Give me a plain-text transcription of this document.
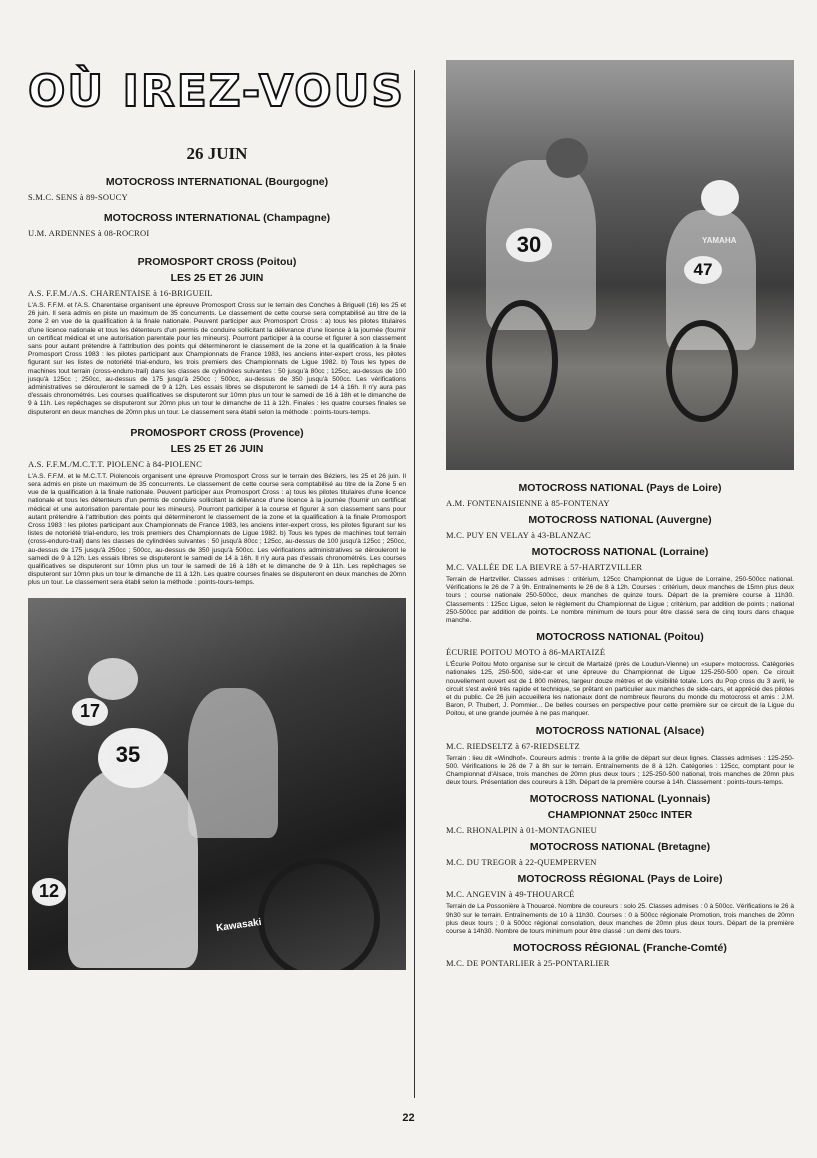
OÙ IREZ-VOUS
26 JUIN
MOTOCROSS INTERNATIONAL (Bourgogne)
S.M.C. SENS à 89-SOUCY
MOTOCROSS INTERNATIONAL (Champagne)
U.M. ARDENNES à 08-ROCROI
PROMOSPORT CROSS (Poitou)
LES 25 ET 26 JUIN
A.S. F.F.M./A.S. CHARENTAISE à 16-BRIGUEIL

L'A.S. F.F.M. et l'A.S. Charentaise organisent une épreuve Promosport Cross sur le terrain des Conches à Briguell (16) les 25 et 26 juin. Il sera admis en piste un maximum de 35 concurrents. Le classement de cette course sera comptabilisé au titre de la zone 2 en vue de la qualification à la finale nationale. Peuvent participer aux Promosport Cross : a) tous les pilotes titulaires d'une licence nationale et tous les détenteurs d'un permis de conduire sollicitant la délivrance d'une licence à la journée (fournir un certificat médical et une autorisation parentale pour les mineurs). Pourront participer à la course et figurer à son classement sans pour autant prétendre à l'attribution des points qui détermineront le classement de la zone et la qualification à la finale Promosport Cross 1983 : les pilotes participant aux Championnats de France 1983, les anciens inter-expert cross, les pilotes figurant sur les listes de notoriété trial-enduro, les trois premiers des Championnats de Ligue 1982. b) Tous les types de machines tout terrain (cross-enduro-trail) dans les classes de cylindrées suivantes : 50 jusqu'à 80cc ; 125cc, au-dessus de 100 jusqu'à 125cc ; 250cc, au-dessus de 175 jusqu'à 250cc ; 500cc, au-dessus de 350 jusqu'à 500cc. Les vérifications administratives se dérouleront le samedi de 9 à 12h. Les essais libres se disputeront le samedi de 14 à 16h. Il n'y aura pas d'essais chronométrés. Les courses qualificatives se disputeront sur 10mn plus un tour le samedi de 16 à 18h et le dimanche de 9 à 11h. Les repêchages se disputeront sur 20mn plus un tour le dimanche de 11 à 12h. Finales : les quatre courses finales se disputeront en deux manches de 20mn plus un tour. Le classement sera établi selon la méthode : points-tours-temps.

PROMOSPORT CROSS (Provence)
LES 25 ET 26 JUIN
A.S. F.F.M./M.C.T.T. PIOLENC à 84-PIOLENC

L'A.S. F.F.M. et le M.C.T.T. Piolencois organisent une épreuve Promosport Cross sur le terrain des Béziers, les 25 et 26 juin. Il sera admis en piste un maximum de 35 concurrents. Le classement de cette course sera comptabilisé au titre de la Zone 5 en vue de la qualification à la finale nationale. Peuvent participer aux Promosport Cross : a) tous les pilotes titulaires d'une licence nationale et tous les détenteurs d'un permis de conduire sollicitant la délivrance d'une licence à la journée (fournir un certificat médical et une autorisation parentale pour les mineurs). Pourront participer à la course et figurer à son classement sans pour autant prétendre à l'attribution des points qui détermineront le classement de la zone et la qualification à la finale Promosport Cross 1983 : les pilotes participant aux Championnats de France 1983, les anciens inter-expert cross, les pilotes figurant sur les listes de notoriété trial-enduro, les trois premiers des Championnats de Ligue 1982. b) Tous les types de machines tout terrain (cross-enduro-trail) dans les classes de cylindrées suivantes : 50 jusqu'à 80cc ; 125cc, au-dessus de 100 jusqu'à 125cc ; 250cc, au-dessus de 175 jusqu'à 250cc ; 500cc, au-dessus de 350 jusqu'à 500cc. Les vérifications administratives se dérouleront le samedi de 9 à 12h. Les essais libres se disputeront le samedi de 14 à 16h. Il n'y aura pas d'essais chronométrés. Les courses qualificatives se disputeront sur 10mn plus un tour le samedi de 16 à 18h et le dimanche de 9 à 11h. Les repêchages se disputeront sur 10mn plus un tour le dimanche de 11 à 12h. Les quatre courses finales se disputeront en deux manches de 20mn plus un tour. Le classement sera établi selon la méthode : points-tours-temps.

35
17
12
Kawasaki
30
47
YAMAHA
MOTOCROSS NATIONAL (Pays de Loire)
A.M. FONTENAISIENNE à 85-FONTENAY
MOTOCROSS NATIONAL (Auvergne)
M.C. PUY EN VELAY à 43-BLANZAC
MOTOCROSS NATIONAL (Lorraine)
M.C. VALLÉE DE LA BIEVRE à 57-HARTZVILLER

Terrain de Hartzviller. Classes admises : critérium, 125cc Championnat de Ligue de Lorraine, 250-500cc national. Vérifications le 26 de 7 à 9h. Entraînements le 26 de 8 à 12h. Courses : critérium, deux manches de 15mn plus deux tours ; course nationale 250-500cc, deux manches de quinze tours. Départ de la première course à 11h30. Classements : 125cc Ligue, selon le règlement du Championnat de Ligue ; critérium, par addition de points ; national 250-500cc par addition de points. Le nombre minimum de tours pour être classé sera de cinq tours dans chaque manche.

MOTOCROSS NATIONAL (Poitou)
ÉCURIE POITOU MOTO à 86-MARTAIZÉ

L'Écurie Poitou Moto organise sur le circuit de Martaizé (près de Loudun-Vienne) un «super» motocross. Catégories nationales 125, 250-500, side-car et une épreuve du Championnat de Ligue 125-250-500 open. Ce circuit nouvellement ouvert est de 1 800 mètres, largeur douze mètres et de visibilité totale. Lors du Pop cross du 3 avril, le circuit s'est avéré très rapide et technique, se prêtant en particulier aux manches de side-cars, et apprécié des pilotes et du public. Ce 26 juin accueillera les nationaux dont de nombreux fleurons du monde du motocross et amis : J.M. Baron, P. Thubert, J. Pommier... De belles courses en perspective pour cette première sur ce circuit de la Ligue du Poitou, et une grande journée à ne pas manquer.

MOTOCROSS NATIONAL (Alsace)
M.C. RIEDSELTZ à 67-RIEDSELTZ

Terrain : lieu dit «Windhof». Coureurs admis : trente à la grille de départ sur deux lignes. Classes admises : 125-250-500. Vérifications le 26 de 7 à 8h sur le terrain. Entraînements de 8 à 12h. Catégories : 125cc, comptant pour le Championnat d'Alsace, trois manches de 20mn plus deux tours ; 125-250-500 national, trois manches de 20mn plus deux tours. Présentation des coureurs à 13h. Départ de la première course à 14h. Classement : points-tours-temps.

MOTOCROSS NATIONAL (Lyonnais)
CHAMPIONNAT 250cc INTER
M.C. RHONALPIN à 01-MONTAGNIEU
MOTOCROSS NATIONAL (Bretagne)
M.C. DU TREGOR à 22-QUEMPERVEN
MOTOCROSS RÉGIONAL (Pays de Loire)
M.C. ANGEVIN à 49-THOUARCÉ

Terrain de La Possonière à Thouarcé. Nombre de coureurs : solo 25. Classes admises : 0 à 500cc. Vérifications le 26 à 9h30 sur le terrain. Entraînements de 10 à 11h30. Courses : 0 à 500cc régionale Promotion, trois manches de 20mn plus deux tours ; 0 à 500cc régional consolation, deux manches de 20mn plus deux tours. Départ de la première course à 14h30. Nombre de tours minimum pour être classé : un demi des tours.

MOTOCROSS RÉGIONAL (Franche-Comté)
M.C. DE PONTARLIER à 25-PONTARLIER
22
